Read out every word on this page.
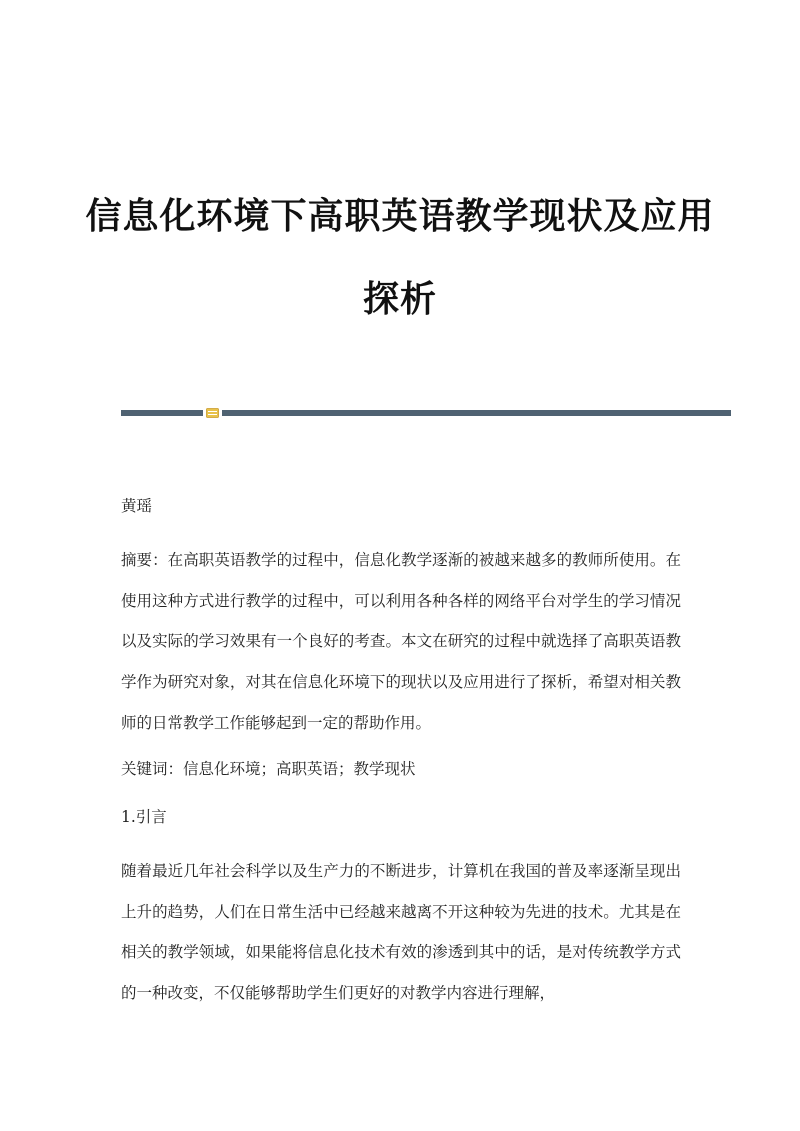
信息化环境下高职英语教学现状及应用
探析

黄瑶

摘要：在高职英语教学的过程中，信息化教学逐渐的被越来越多的教师所使用。在使用这种方式进行教学的过程中，可以利用各种各样的网络平台对学生的学习情况以及实际的学习效果有一个良好的考查。本文在研究的过程中就选择了高职英语教学作为研究对象，对其在信息化环境下的现状以及应用进行了探析，希望对相关教师的日常教学工作能够起到一定的帮助作用。

关键词：信息化环境；高职英语；教学现状

1.引言

随着最近几年社会科学以及生产力的不断进步，计算机在我国的普及率逐渐呈现出上升的趋势，人们在日常生活中已经越来越离不开这种较为先进的技术。尤其是在相关的教学领域，如果能将信息化技术有效的渗透到其中的话，是对传统教学方式的一种改变，不仅能够帮助学生们更好的对教学内容进行理解，
